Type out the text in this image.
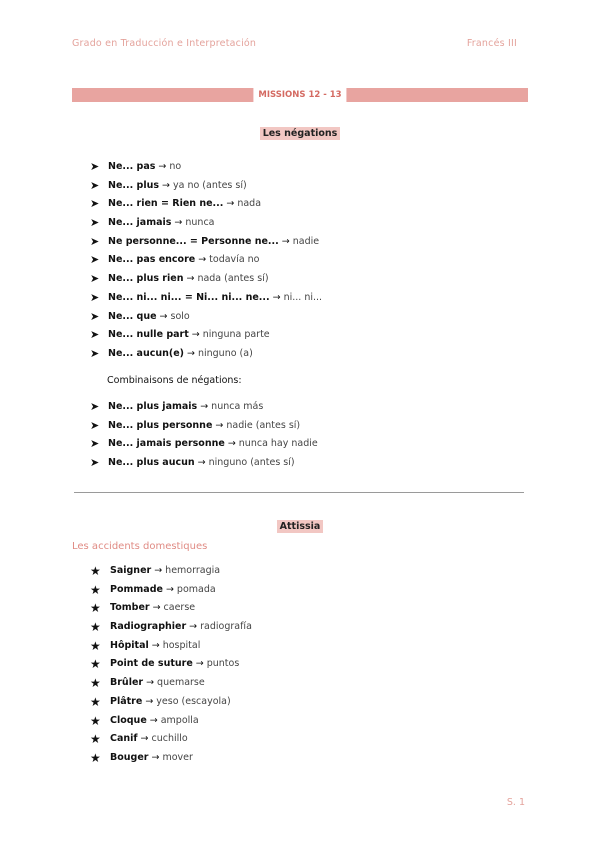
Grado en Traducción e Interpretación	Francés III
MISSIONS 12 - 13
Les négations
➤ Ne... pas → no
➤ Ne... plus → ya no (antes sí)
➤ Ne... rien = Rien ne... → nada
➤ Ne... jamais → nunca
➤ Ne personne... = Personne ne... → nadie
➤ Ne... pas encore → todavía no
➤ Ne... plus rien → nada (antes sí)
➤ Ne... ni... ni... = Ni... ni... ne... → ni... ni...
➤ Ne... que → solo
➤ Ne... nulle part → ninguna parte
➤ Ne... aucun(e) → ninguno (a)
Combinaisons de négations:
➤ Ne... plus jamais → nunca más
➤ Ne... plus personne → nadie (antes sí)
➤ Ne... jamais personne → nunca hay nadie
➤ Ne... plus aucun → ninguno (antes sí)
Attissia
Les accidents domestiques
★ Saigner → hemorragia
★ Pommade → pomada
★ Tomber → caerse
★ Radiographier → radiografía
★ Hôpital → hospital
★ Point de suture → puntos
★ Brûler → quemarse
★ Plâtre → yeso (escayola)
★ Cloque → ampolla
★ Canif → cuchillo
★ Bouger → mover
S. 1
